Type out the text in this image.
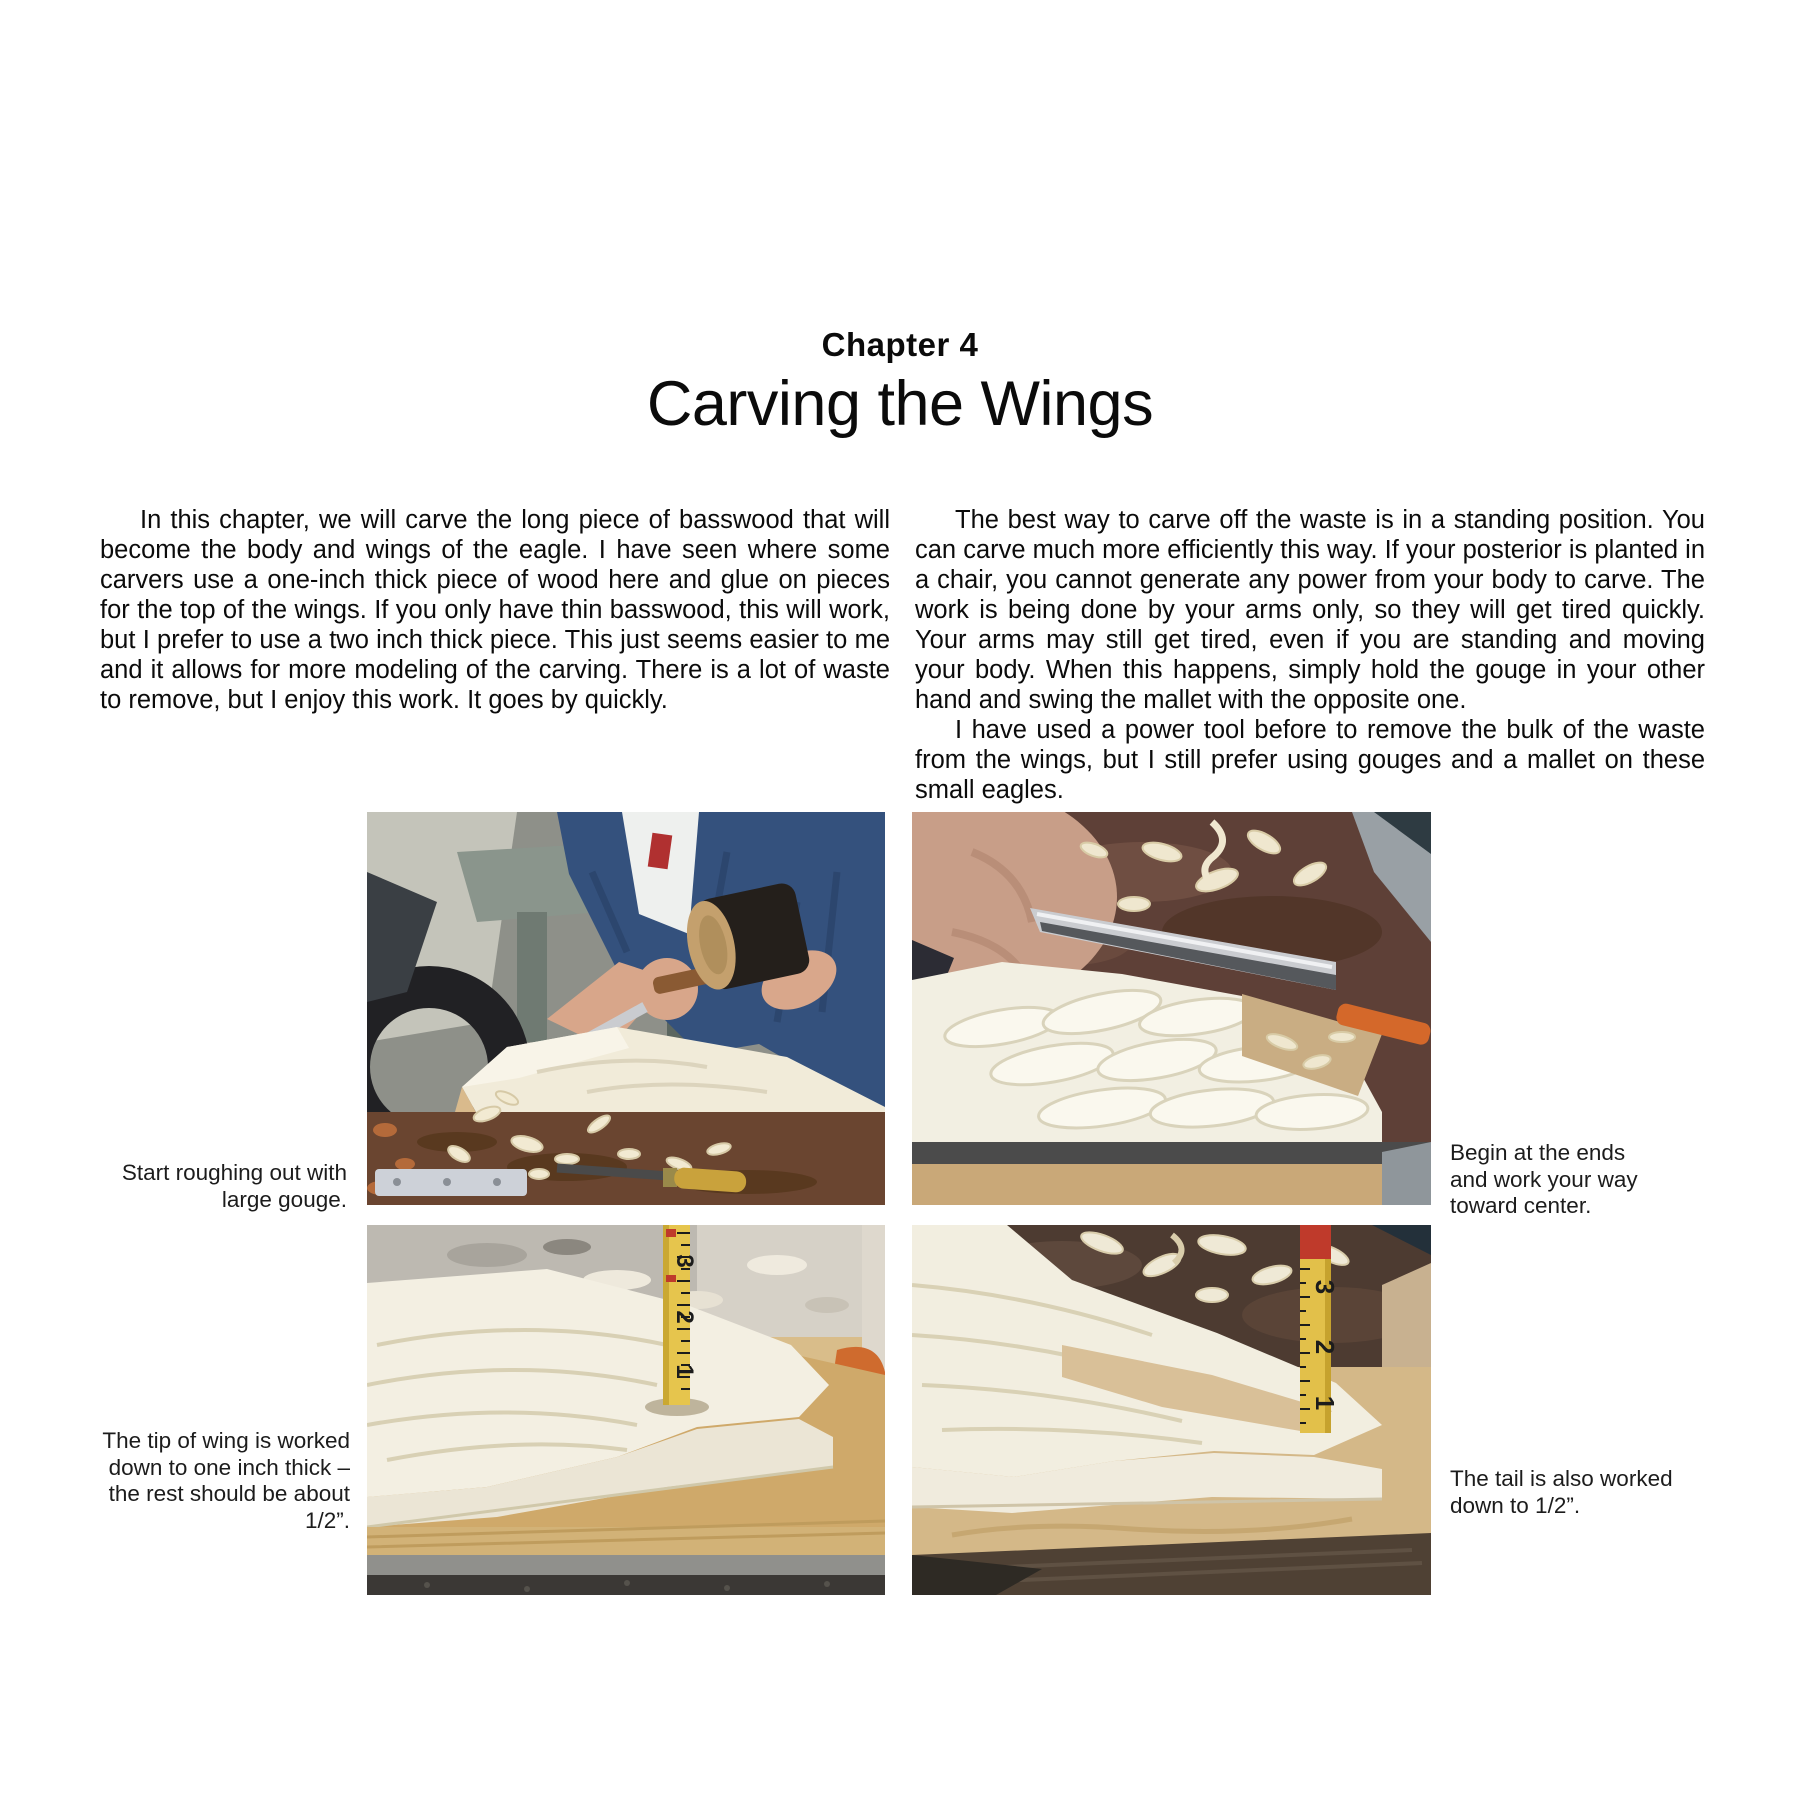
Chapter 4
Carving the Wings

In this chapter, we will carve the long piece of basswood that will become the body and wings of the eagle. I have seen where some carvers use a one-inch thick piece of wood here and glue on pieces for the top of the wings. If you only have thin basswood, this will work, but I prefer to use a two inch thick piece. This just seems easier to me and it allows for more modeling of the carving. There is a lot of waste to remove, but I enjoy this work. It goes by quickly.

The best way to carve off the waste is in a standing position. You can carve much more efficiently this way. If your posterior is planted in a chair, you cannot generate any power from your body to carve. The work is being done by your arms only, so they will get tired quickly. Your arms may still get tired, even if you are standing and moving your body. When this happens, simply hold the gouge in your other hand and swing the mallet with the opposite one.

I have used a power tool before to remove the bulk of the waste from the wings, but I still prefer using gouges and a mallet on these small eagles.

3
2
1
3
2
1
Start roughing out with large gouge.
Begin at the ends and work your way toward center.
The tip of wing is worked down to one inch thick – the rest should be about 1/2”.
The tail is also worked down to 1/2”.
